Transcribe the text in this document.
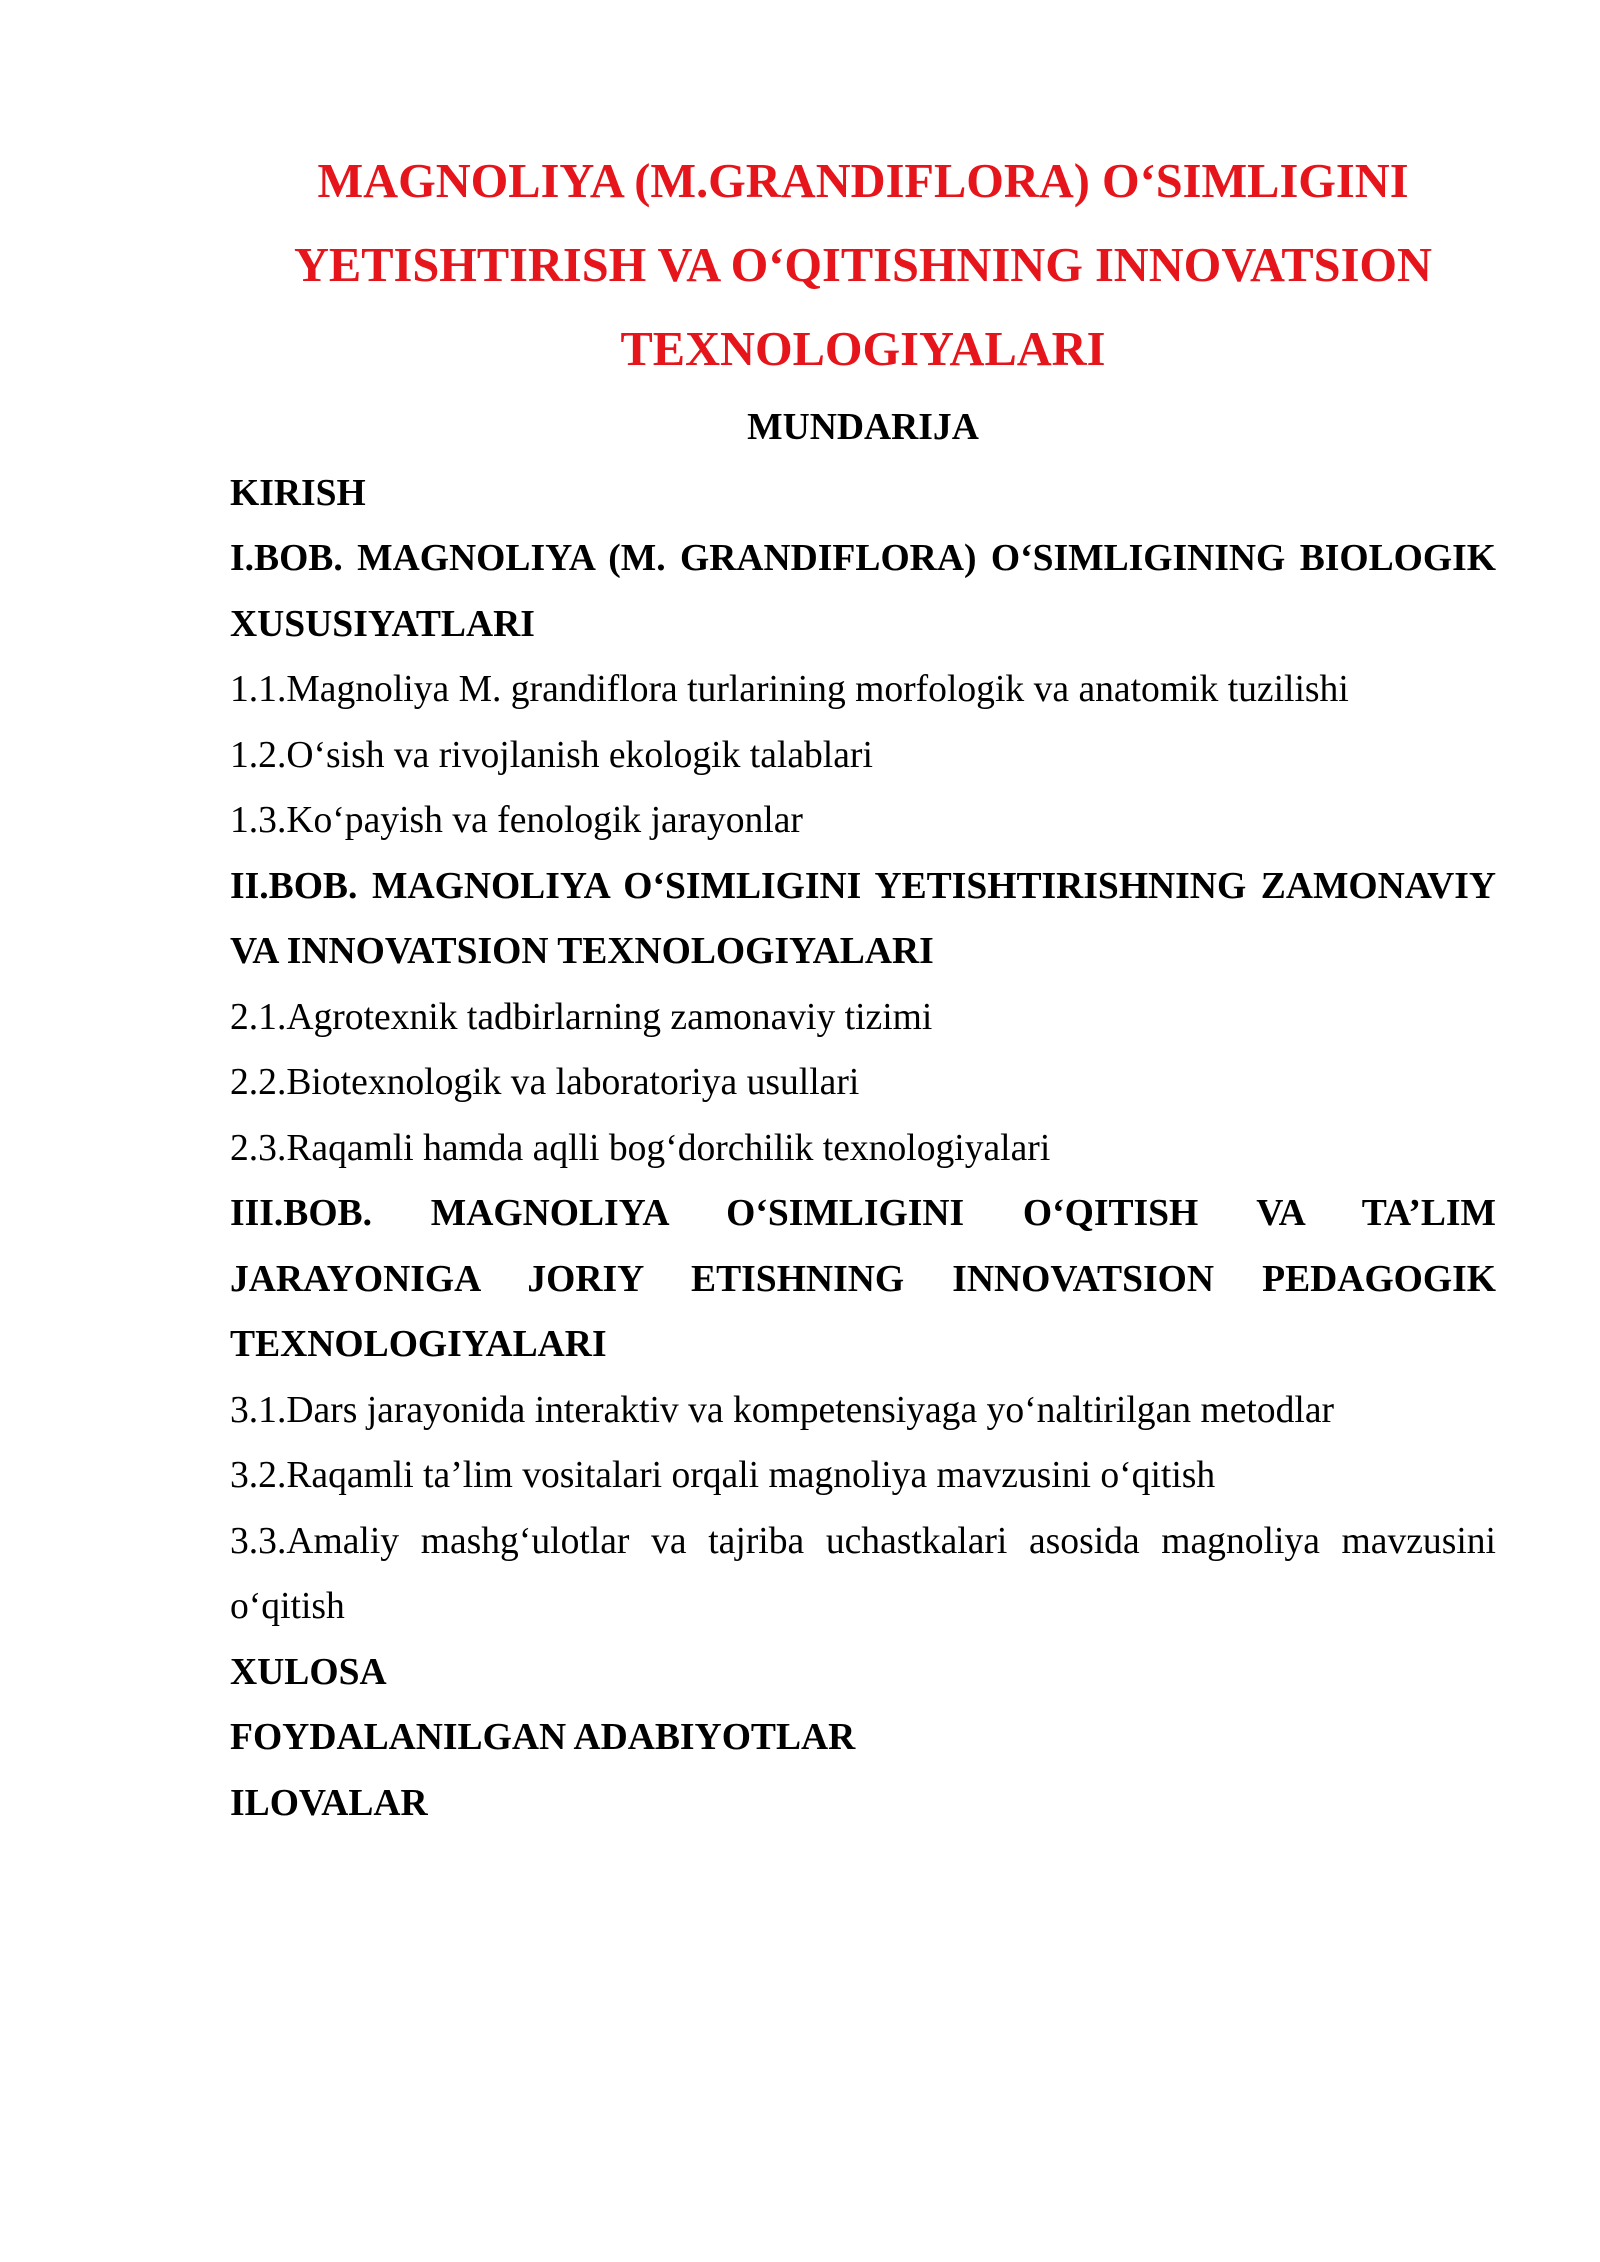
MAGNOLIYA (M.GRANDIFLORA) O‘SIMLIGINI
YETISHTIRISH VA O‘QITISHNING INNOVATSION
TEXNOLOGIYALARI
MUNDARIJA
KIRISH
I.BOB. MAGNOLIYA (M. GRANDIFLORA) O‘SIMLIGINING BIOLOGIK
XUSUSIYATLARI
1.1.Magnoliya M. grandiflora turlarining morfologik va anatomik tuzilishi
1.2.O‘sish va rivojlanish ekologik talablari
1.3.Ko‘payish va fenologik jarayonlar
II.BOB. MAGNOLIYA O‘SIMLIGINI YETISHTIRISHNING ZAMONAVIY
VA INNOVATSION TEXNOLOGIYALARI
2.1.Agrotexnik tadbirlarning zamonaviy tizimi
2.2.Biotexnologik va laboratoriya usullari
2.3.Raqamli hamda aqlli bog‘dorchilik texnologiyalari
III.BOB. MAGNOLIYA O‘SIMLIGINI O‘QITISH VA TA’LIM
JARAYONIGA JORIY ETISHNING INNOVATSION PEDAGOGIK
TEXNOLOGIYALARI
3.1.Dars jarayonida interaktiv va kompetensiyaga yo‘naltirilgan metodlar
3.2.Raqamli ta’lim vositalari orqali magnoliya mavzusini o‘qitish
3.3.Amaliy mashg‘ulotlar va tajriba uchastkalari asosida magnoliya mavzusini
o‘qitish
XULOSA
FOYDALANILGAN ADABIYOTLAR
ILOVALAR
